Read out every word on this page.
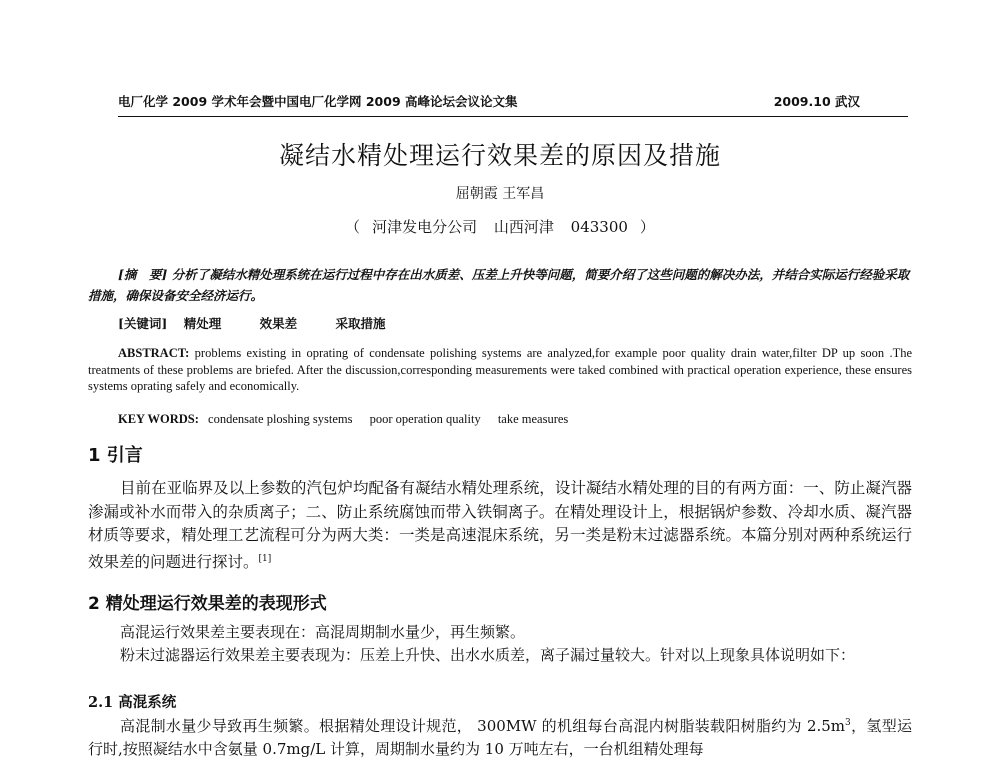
电厂化学 2009 学术年会暨中国电厂化学网 2009 高峰论坛会议论文集	2009.10 武汉
凝结水精处理运行效果差的原因及措施
屈朝霞 王军昌
（ 河津发电分公司 山西河津 043300 ）
[摘　要] 分析了凝结水精处理系统在运行过程中存在出水质差、压差上升快等问题，简要介绍了这些问题的解决办法，并结合实际运行经验采取措施，确保设备安全经济运行。
[关键词] 精处理	效果差	采取措施
ABSTRACT: problems existing in oprating of condensate polishing systems are analyzed,for example poor quality drain water,filter DP up soon .The treatments of these problems are briefed. After the discussion,corresponding measurements were taked combined with practical operation experience, these ensures systems oprating safely and economically.
KEY WORDS: condensate ploshing systems poor operation quality take measures
1 引言
目前在亚临界及以上参数的汽包炉均配备有凝结水精处理系统，设计凝结水精处理的目的有两方面：一、防止凝汽器渗漏或补水而带入的杂质离子；二、防止系统腐蚀而带入铁铜离子。在精处理设计上，根据锅炉参数、冷却水质、凝汽器材质等要求，精处理工艺流程可分为两大类：一类是高速混床系统，另一类是粉末过滤器系统。本篇分别对两种系统运行效果差的问题进行探讨。[1]
2 精处理运行效果差的表现形式
高混运行效果差主要表现在：高混周期制水量少，再生频繁。
粉末过滤器运行效果差主要表现为：压差上升快、出水水质差，离子漏过量较大。针对以上现象具体说明如下：
2.1 高混系统
高混制水量少导致再生频繁。根据精处理设计规范， 300MW 的机组每台高混内树脂装载阳树脂约为 $2.5m^3$，氢型运行时,按照凝结水中含氨量 0.7mg/L 计算，周期制水量约为 10 万吨左右，一台机组精处理每
